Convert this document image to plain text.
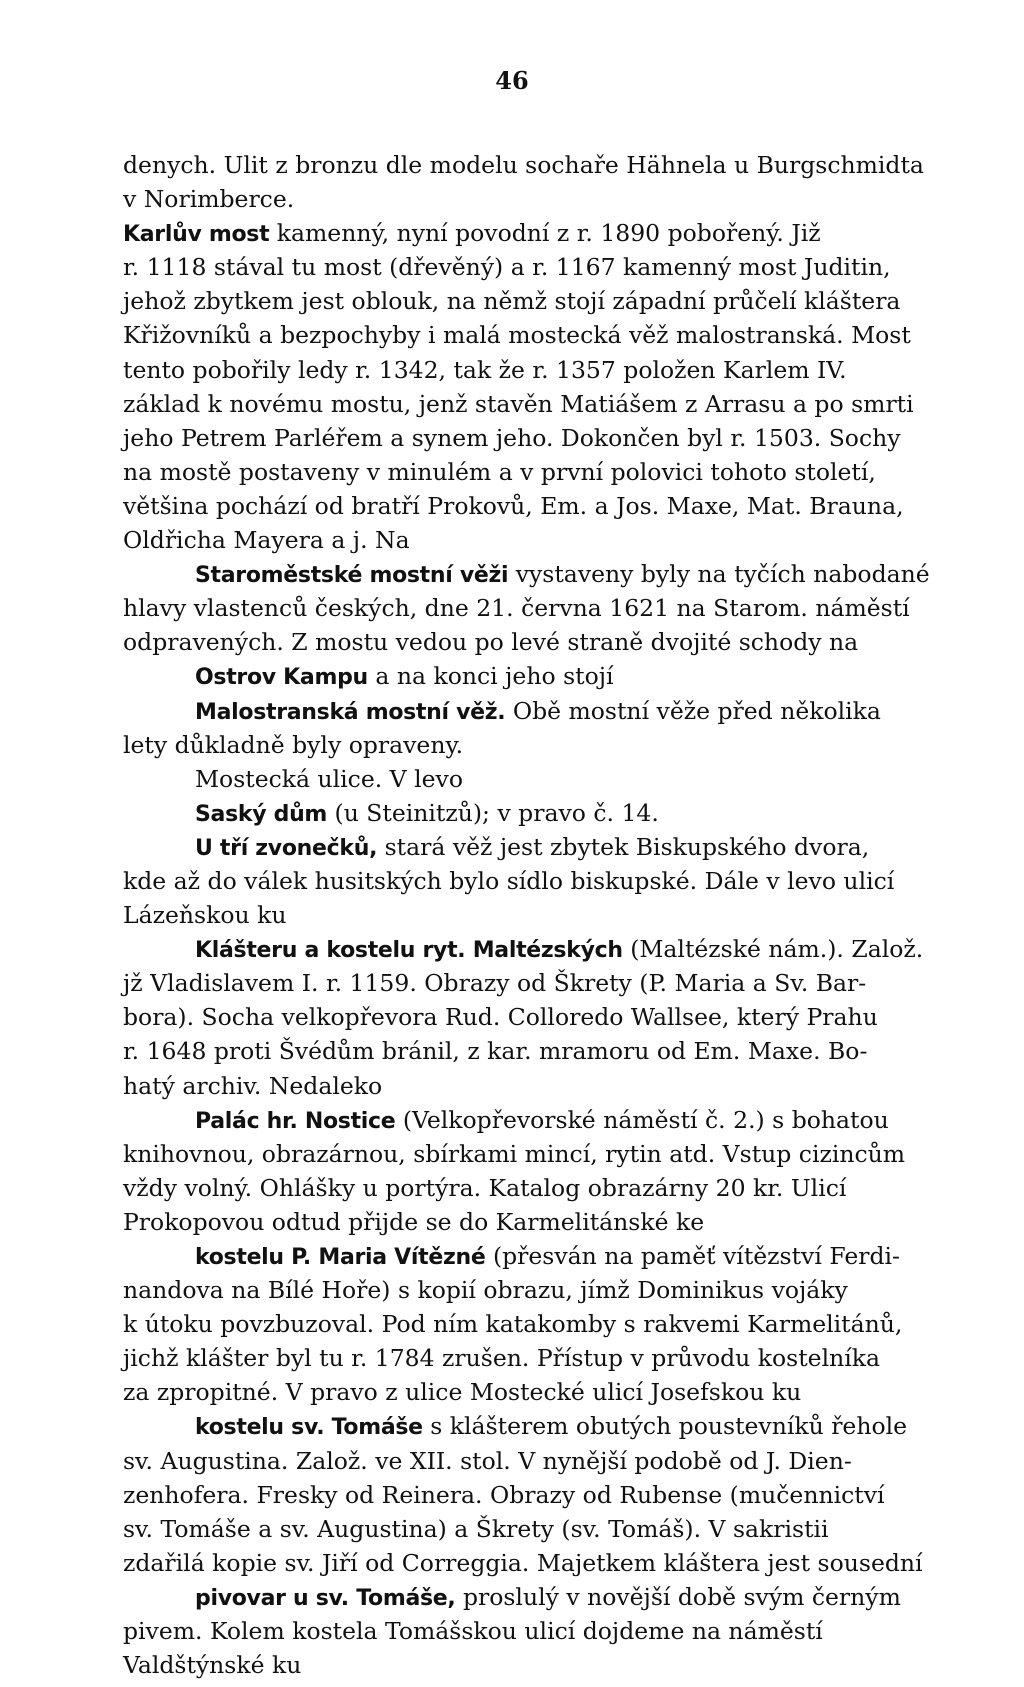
46
denych. Ulit z bronzu dle modelu sochaře Hähnela u Burgschmidta
v Norimberce.
Karlův most kamenný, nyní povodní z r. 1890 pobořený. Již
r. 1118 stával tu most (dřevěný) a r. 1167 kamenný most Juditin,
jehož zbytkem jest oblouk, na němž stojí západní průčelí kláštera
Křižovníků a bezpochyby i malá mostecká věž malostranská. Most
tento pobořily ledy r. 1342, tak že r. 1357 položen Karlem IV.
základ k novému mostu, jenž stavěn Matiášem z Arrasu a po smrti
jeho Petrem Parléřem a synem jeho. Dokončen byl r. 1503. Sochy
na mostě postaveny v minulém a v první polovici tohoto století,
většina pochází od bratří Prokovů, Em. a Jos. Maxe, Mat. Brauna,
Oldřicha Mayera a j. Na
Staroměstské mostní věži vystaveny byly na tyčích nabodané
hlavy vlastenců českých, dne 21. června 1621 na Starom. náměstí
odpravených. Z mostu vedou po levé straně dvojité schody na
Ostrov Kampu a na konci jeho stojí
Malostranská mostní věž. Obě mostní věže před několika
lety důkladně byly opraveny.
Mostecká ulice. V levo
Saský dům (u Steinitzů); v pravo č. 14.
U tří zvonečků, stará věž jest zbytek Biskupského dvora,
kde až do válek husitských bylo sídlo biskupské. Dále v levo ulicí
Lázeňskou ku
Klášteru a kostelu ryt. Maltézských (Maltézské nám.). Založ.
jž Vladislavem I. r. 1159. Obrazy od Škrety (P. Maria a Sv. Bar-
bora). Socha velkopřevora Rud. Colloredo Wallsee, který Prahu
r. 1648 proti Švédům bránil, z kar. mramoru od Em. Maxe. Bo-
hatý archiv. Nedaleko
Palác hr. Nostice (Velkopřevorské náměstí č. 2.) s bohatou
knihovnou, obrazárnou, sbírkami mincí, rytin atd. Vstup cizincům
vždy volný. Ohlášky u portýra. Katalog obrazárny 20 kr. Ulicí
Prokopovou odtud přijde se do Karmelitánské ke
kostelu P. Maria Vítězné (přesván na paměť vítězství Ferdi-
nandova na Bílé Hoře) s kopií obrazu, jímž Dominikus vojáky
k útoku povzbuzoval. Pod ním katakomby s rakvemi Karmelitánů,
jichž klášter byl tu r. 1784 zrušen. Přístup v průvodu kostelníka
za zpropitné. V pravo z ulice Mostecké ulicí Josefskou ku
kostelu sv. Tomáše s klášterem obutých poustevníků řehole
sv. Augustina. Založ. ve XII. stol. V nynější podobě od J. Dien-
zenhofera. Fresky od Reinera. Obrazy od Rubense (mučennictví
sv. Tomáše a sv. Augustina) a Škrety (sv. Tomáš). V sakristii
zdařilá kopie sv. Jiří od Correggia. Majetkem kláštera jest sousední
pivovar u sv. Tomáše, proslulý v novější době svým černým
pivem. Kolem kostela Tomášskou ulicí dojdeme na náměstí
Valdštýnské ku
